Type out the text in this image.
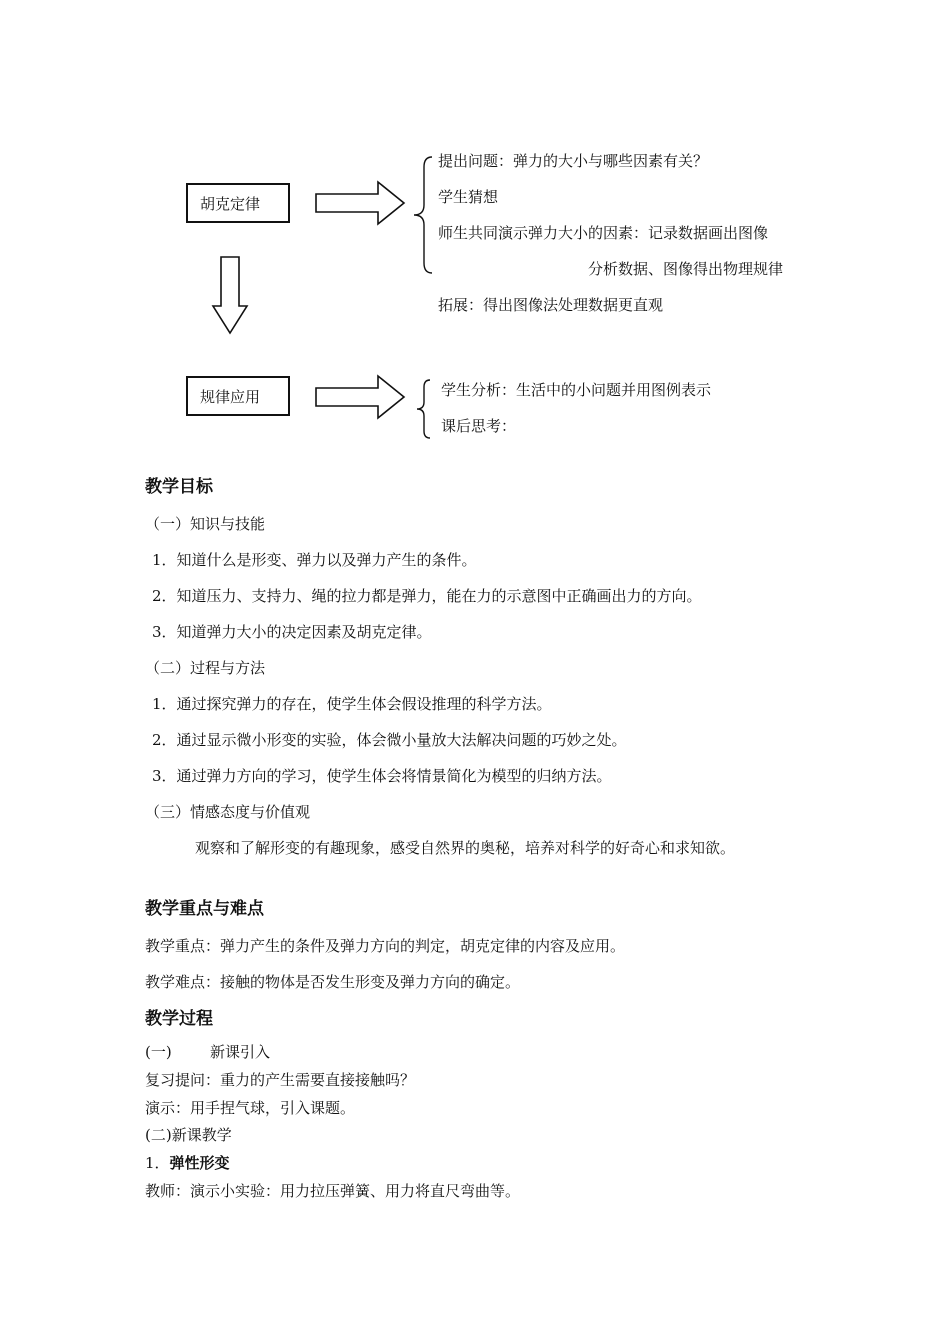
胡克定律
提出问题：弹力的大小与哪些因素有关？
学生猜想
师生共同演示弹力大小的因素：记录数据画出图像
分析数据、图像得出物理规律
拓展：得出图像法处理数据更直观
规律应用	学生分析：生活中的小问题并用图例表示
课后思考：
教学目标
（一）知识与技能
1．知道什么是形变、弹力以及弹力产生的条件。
2．知道压力、支持力、绳的拉力都是弹力，能在力的示意图中正确画出力的方向。
3．知道弹力大小的决定因素及胡克定律。
（二）过程与方法
1．通过探究弹力的存在，使学生体会假设推理的科学方法。
2．通过显示微小形变的实验，体会微小量放大法解决问题的巧妙之处。
3．通过弹力方向的学习，使学生体会将情景简化为模型的归纳方法。
（三）情感态度与价值观
观察和了解形变的有趣现象，感受自然界的奥秘，培养对科学的好奇心和求知欲。
教学重点与难点
教学重点：弹力产生的条件及弹力方向的判定，胡克定律的内容及应用。
教学难点：接触的物体是否发生形变及弹力方向的确定。
教学过程
(一)	新课引入
复习提问：重力的产生需要直接接触吗？
演示：用手捏气球，引入课题。
(二)新课教学
1．弹性形变
教师：演示小实验：用力拉压弹簧、用力将直尺弯曲等。
